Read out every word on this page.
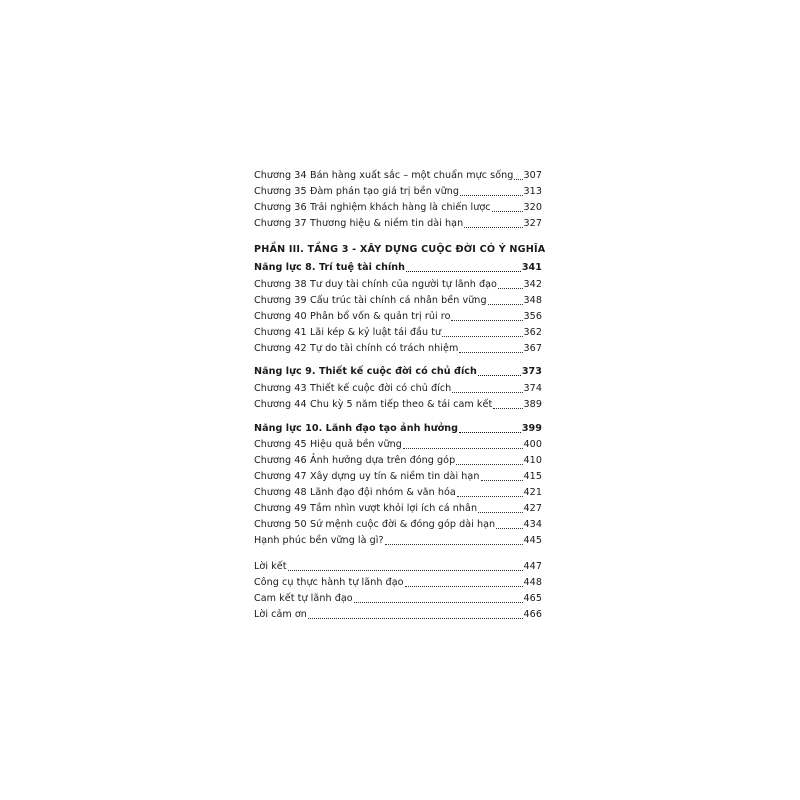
Chương 34 Bán hàng xuất sắc – một chuẩn mực sống 307
Chương 35 Đàm phán tạo giá trị bền vững	313
Chương 36 Trải nghiệm khách hàng là chiến lược	320
Chương 37 Thương hiệu & niềm tin dài hạn	327
PHẦN III. TẦNG 3 - XÂY DỰNG CUỘC ĐỜI CÓ Ý NGHĨA
Năng lực 8. Trí tuệ tài chính	341
Chương 38 Tư duy tài chính của người tự lãnh đạo	342
Chương 39 Cấu trúc tài chính cá nhân bền vững	348
Chương 40 Phân bổ vốn & quản trị rủi ro	356
Chương 41 Lãi kép & kỷ luật tái đầu tư	362
Chương 42 Tự do tài chính có trách nhiệm	367
Năng lực 9. Thiết kế cuộc đời có chủ đích	373
Chương 43 Thiết kế cuộc đời có chủ đích	374
Chương 44 Chu kỳ 5 năm tiếp theo & tái cam kết	389
Năng lực 10. Lãnh đạo tạo ảnh hưởng	399
Chương 45 Hiệu quả bền vững	400
Chương 46 Ảnh hưởng dựa trên đóng góp	410
Chương 47 Xây dựng uy tín & niềm tin dài hạn	415
Chương 48 Lãnh đạo đội nhóm & văn hóa	421
Chương 49 Tầm nhìn vượt khỏi lợi ích cá nhân	427
Chương 50 Sứ mệnh cuộc đời & đóng góp dài hạn	434
Hạnh phúc bền vững là gì?	445
Lời kết	447
Công cụ thực hành tự lãnh đạo	448
Cam kết tự lãnh đạo	465
Lời cảm ơn	466
